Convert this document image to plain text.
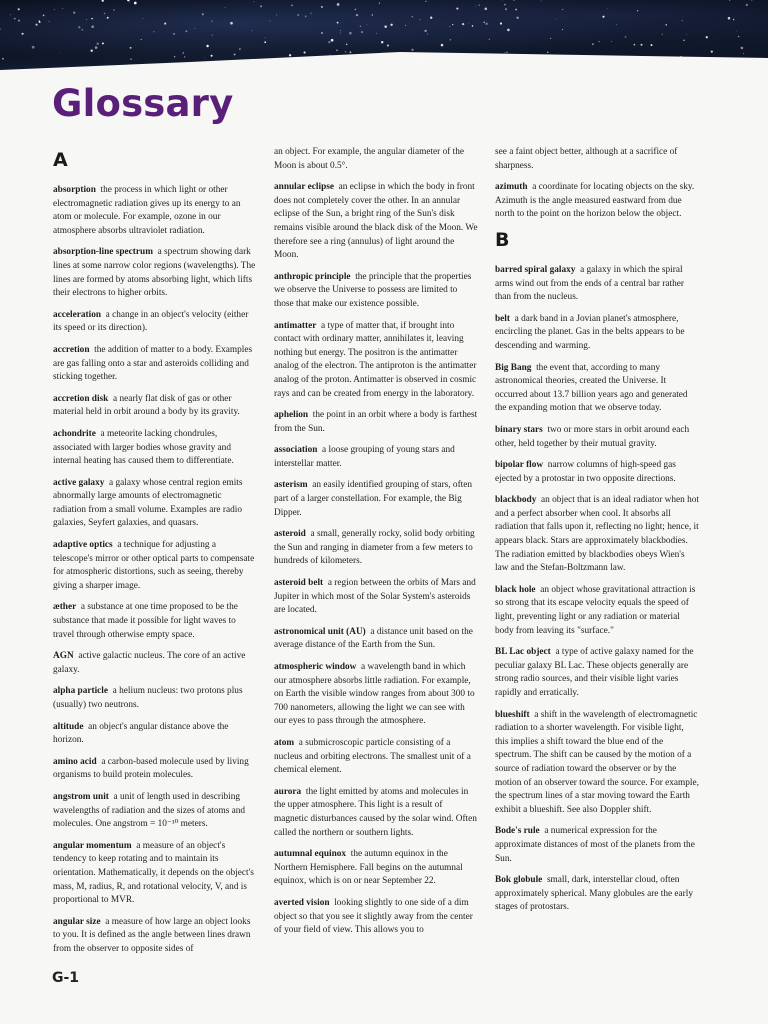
Glossary
A

absorption  the process in which light or other electromagnetic radiation gives up its energy to an atom or molecule. For example, ozone in our atmosphere absorbs ultraviolet radiation.

absorption-line spectrum  a spectrum showing dark lines at some narrow color regions (wavelengths). The lines are formed by atoms absorbing light, which lifts their electrons to higher orbits.

acceleration  a change in an object's velocity (either its speed or its direction).

accretion  the addition of matter to a body. Examples are gas falling onto a star and asteroids colliding and sticking together.

accretion disk  a nearly flat disk of gas or other material held in orbit around a body by its gravity.

achondrite  a meteorite lacking chondrules, associated with larger bodies whose gravity and internal heating has caused them to differentiate.

active galaxy  a galaxy whose central region emits abnormally large amounts of electromagnetic radiation from a small volume. Examples are radio galaxies, Seyfert galaxies, and quasars.

adaptive optics  a technique for adjusting a telescope's mirror or other optical parts to compensate for atmospheric distortions, such as seeing, thereby giving a sharper image.

æther  a substance at one time proposed to be the substance that made it possible for light waves to travel through otherwise empty space.

AGN  active galactic nucleus. The core of an active galaxy.

alpha particle  a helium nucleus: two protons plus (usually) two neutrons.

altitude  an object's angular distance above the horizon.

amino acid  a carbon-based molecule used by living organisms to build protein molecules.

angstrom unit  a unit of length used in describing wavelengths of radiation and the sizes of atoms and molecules. One angstrom = 10⁻¹⁰ meters.

angular momentum  a measure of an object's tendency to keep rotating and to maintain its orientation. Mathematically, it depends on the object's mass, M, radius, R, and rotational velocity, V, and is proportional to MVR.

angular size  a measure of how large an object looks to you. It is defined as the angle between lines drawn from the observer to opposite sides of

an object. For example, the angular diameter of the Moon is about 0.5°.

annular eclipse  an eclipse in which the body in front does not completely cover the other. In an annular eclipse of the Sun, a bright ring of the Sun's disk remains visible around the black disk of the Moon. We therefore see a ring (annulus) of light around the Moon.

anthropic principle  the principle that the properties we observe the Universe to possess are limited to those that make our existence possible.

antimatter  a type of matter that, if brought into contact with ordinary matter, annihilates it, leaving nothing but energy. The positron is the antimatter analog of the electron. The antiproton is the antimatter analog of the proton. Antimatter is observed in cosmic rays and can be created from energy in the laboratory.

aphelion  the point in an orbit where a body is farthest from the Sun.

association  a loose grouping of young stars and interstellar matter.

asterism  an easily identified grouping of stars, often part of a larger constellation. For example, the Big Dipper.

asteroid  a small, generally rocky, solid body orbiting the Sun and ranging in diameter from a few meters to hundreds of kilometers.

asteroid belt  a region between the orbits of Mars and Jupiter in which most of the Solar System's asteroids are located.

astronomical unit (AU)  a distance unit based on the average distance of the Earth from the Sun.

atmospheric window  a wavelength band in which our atmosphere absorbs little radiation. For example, on Earth the visible window ranges from about 300 to 700 nanometers, allowing the light we can see with our eyes to pass through the atmosphere.

atom  a submicroscopic particle consisting of a nucleus and orbiting electrons. The smallest unit of a chemical element.

aurora  the light emitted by atoms and molecules in the upper atmosphere. This light is a result of magnetic disturbances caused by the solar wind. Often called the northern or southern lights.

autumnal equinox  the autumn equinox in the Northern Hemisphere. Fall begins on the autumnal equinox, which is on or near September 22.

averted vision  looking slightly to one side of a dim object so that you see it slightly away from the center of your field of view. This allows you to

see a faint object better, although at a sacrifice of sharpness.

azimuth  a coordinate for locating objects on the sky. Azimuth is the angle measured eastward from due north to the point on the horizon below the object.

B

barred spiral galaxy  a galaxy in which the spiral arms wind out from the ends of a central bar rather than from the nucleus.

belt  a dark band in a Jovian planet's atmosphere, encircling the planet. Gas in the belts appears to be descending and warming.

Big Bang  the event that, according to many astronomical theories, created the Universe. It occurred about 13.7 billion years ago and generated the expanding motion that we observe today.

binary stars  two or more stars in orbit around each other, held together by their mutual gravity.

bipolar flow  narrow columns of high-speed gas ejected by a protostar in two opposite directions.

blackbody  an object that is an ideal radiator when hot and a perfect absorber when cool. It absorbs all radiation that falls upon it, reflecting no light; hence, it appears black. Stars are approximately blackbodies. The radiation emitted by blackbodies obeys Wien's law and the Stefan-Boltzmann law.

black hole  an object whose gravitational attraction is so strong that its escape velocity equals the speed of light, preventing light or any radiation or material body from leaving its "surface."

BL Lac object  a type of active galaxy named for the peculiar galaxy BL Lac. These objects generally are strong radio sources, and their visible light varies rapidly and erratically.

blueshift  a shift in the wavelength of electromagnetic radiation to a shorter wavelength. For visible light, this implies a shift toward the blue end of the spectrum. The shift can be caused by the motion of a source of radiation toward the observer or by the motion of an observer toward the source. For example, the spectrum lines of a star moving toward the Earth exhibit a blueshift. See also Doppler shift.

Bode's rule  a numerical expression for the approximate distances of most of the planets from the Sun.

Bok globule  small, dark, interstellar cloud, often approximately spherical. Many globules are the early stages of protostars.

G-1
